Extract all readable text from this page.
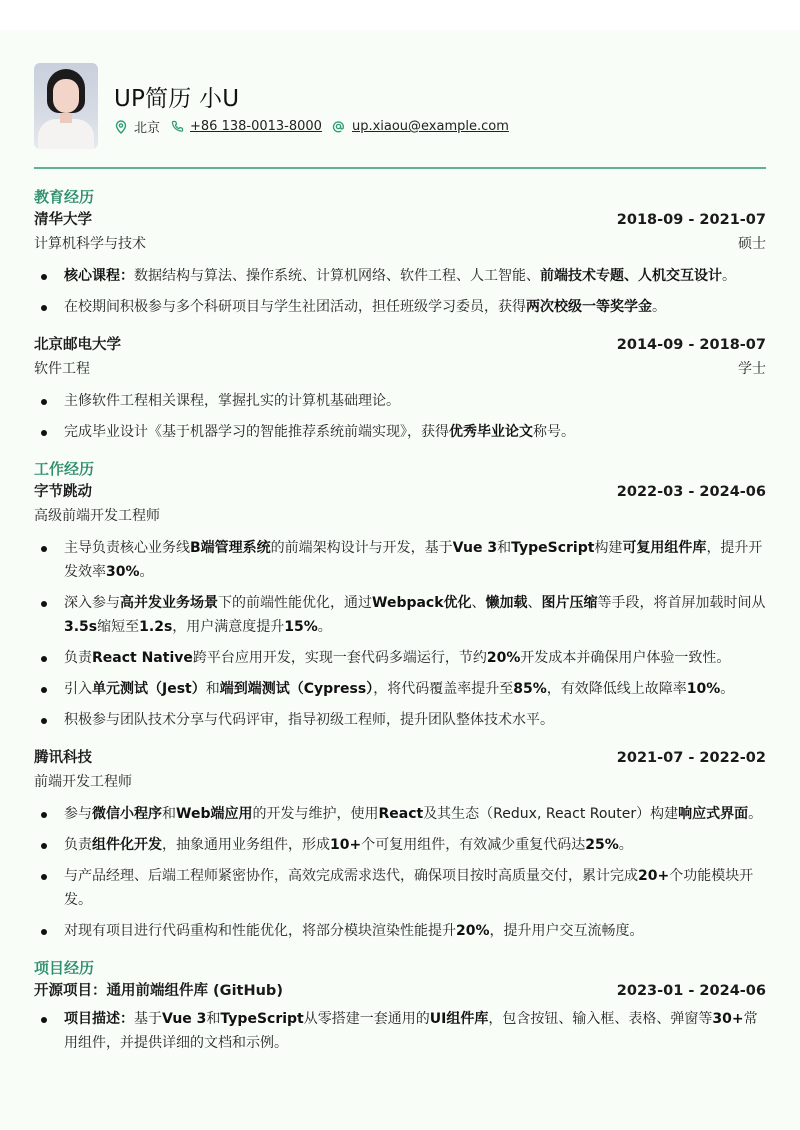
UP简历 小U
北京 +86 138-0013-8000 up.xiaou@example.com
教育经历
清华大学	2018-09 - 2021-07
计算机科学与技术	硕士
核心课程：数据结构与算法、操作系统、计算机网络、软件工程、人工智能、前端技术专题、人机交互设计。
在校期间积极参与多个科研项目与学生社团活动，担任班级学习委员，获得两次校级一等奖学金。
北京邮电大学	2014-09 - 2018-07
软件工程	学士
主修软件工程相关课程，掌握扎实的计算机基础理论。
完成毕业设计《基于机器学习的智能推荐系统前端实现》，获得优秀毕业论文称号。
工作经历
字节跳动	2022-03 - 2024-06
高级前端开发工程师
主导负责核心业务线B端管理系统的前端架构设计与开发，基于Vue 3和TypeScript构建可复用组件库，提升开发效率30%。
深入参与高并发业务场景下的前端性能优化，通过Webpack优化、懒加载、图片压缩等手段，将首屏加载时间从3.5s缩短至1.2s，用户满意度提升15%。
负责React Native跨平台应用开发，实现一套代码多端运行，节约20%开发成本并确保用户体验一致性。
引入单元测试（Jest）和端到端测试（Cypress），将代码覆盖率提升至85%，有效降低线上故障率10%。
积极参与团队技术分享与代码评审，指导初级工程师，提升团队整体技术水平。
腾讯科技	2021-07 - 2022-02
前端开发工程师
参与微信小程序和Web端应用的开发与维护，使用React及其生态（Redux, React Router）构建响应式界面。
负责组件化开发，抽象通用业务组件，形成10+个可复用组件，有效减少重复代码达25%。
与产品经理、后端工程师紧密协作，高效完成需求迭代，确保项目按时高质量交付，累计完成20+个功能模块开发。
对现有项目进行代码重构和性能优化，将部分模块渲染性能提升20%，提升用户交互流畅度。
项目经历
开源项目：通用前端组件库 (GitHub)	2023-01 - 2024-06
项目描述：基于Vue 3和TypeScript从零搭建一套通用的UI组件库，包含按钮、输入框、表格、弹窗等30+常用组件，并提供详细的文档和示例。
